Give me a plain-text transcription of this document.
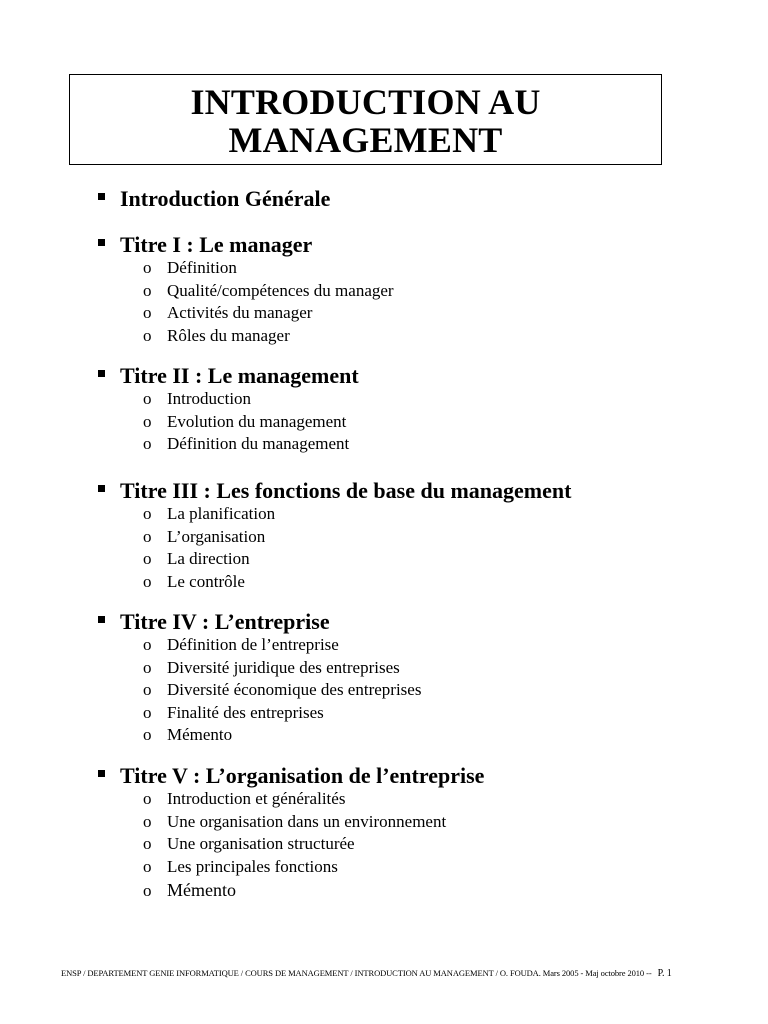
INTRODUCTION AU
MANAGEMENT
Introduction Générale
Titre I : Le manager
o Définition
o Qualité/compétences du manager
o Activités du manager
o Rôles du manager
Titre II : Le management
o Introduction
o Evolution du management
o Définition du management
Titre III : Les fonctions de base du management
o La planification
o L’organisation
o La direction
o Le contrôle
Titre IV : L’entreprise
o Définition de l’entreprise
o Diversité juridique des entreprises
o Diversité économique des entreprises
o Finalité des entreprises
o Mémento
Titre V : L’organisation de l’entreprise
o Introduction et généralités
o Une organisation dans un environnement
o Une organisation structurée
o Les principales fonctions
o Mémento
ENSP / DEPARTEMENT GENIE INFORMATIQUE / COURS DE MANAGEMENT / INTRODUCTION AU MANAGEMENT / O. FOUDA. Mars 2005 - Maj octobre 2010 -- P. 1
